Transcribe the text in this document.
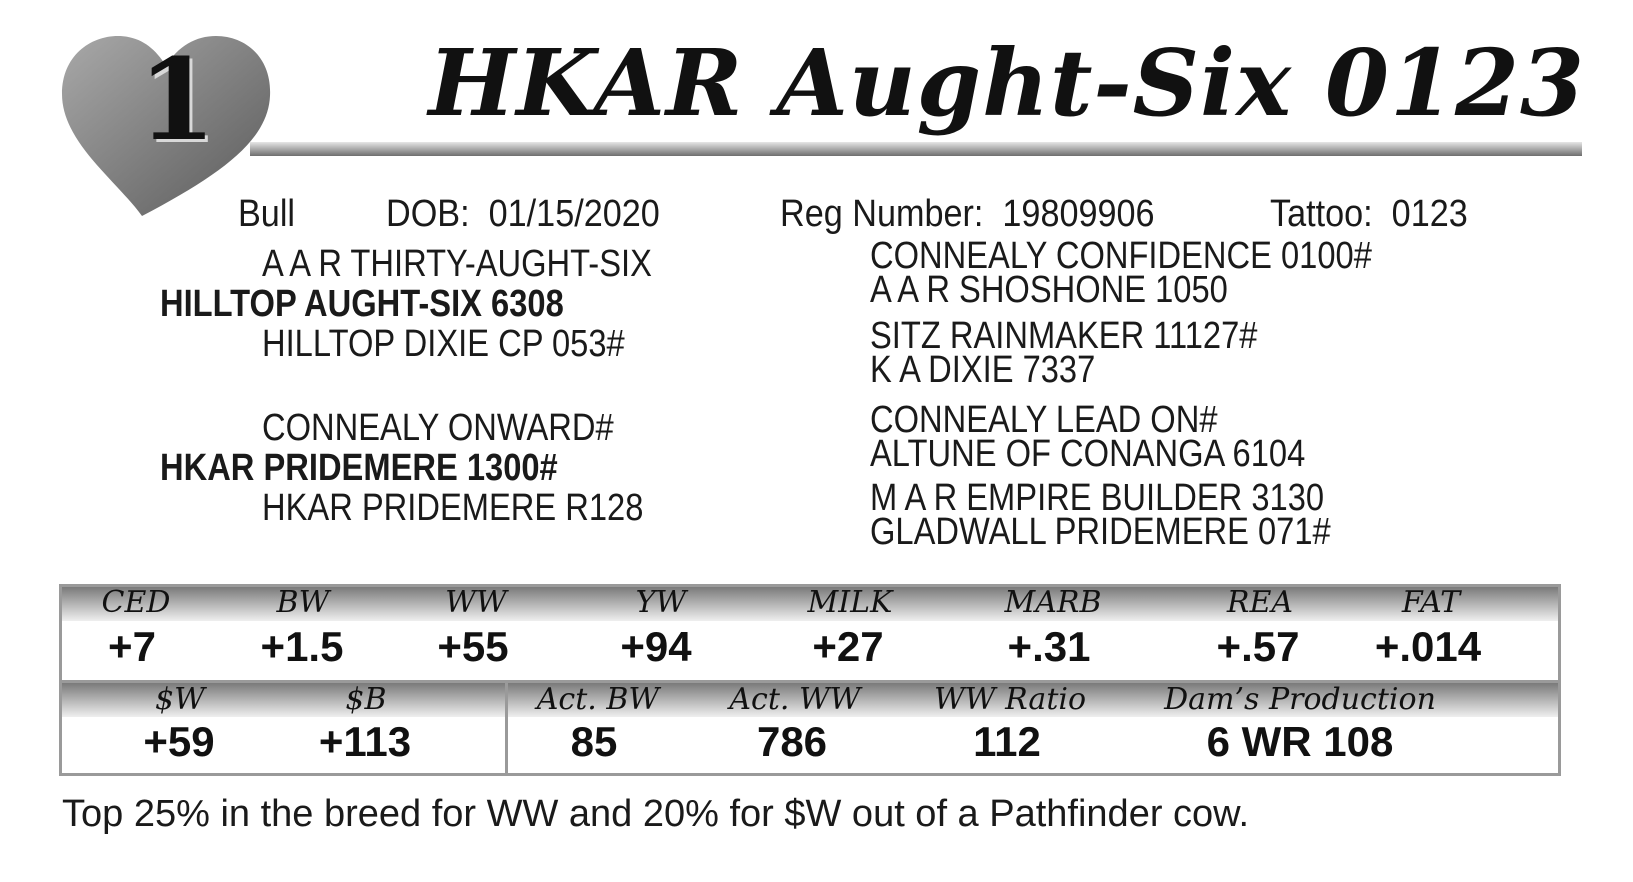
1 HKAR Aught-Six 0123
Bull DOB: 01/15/2020	Reg Number: 19809906	Tattoo: 0123
A A R THIRTY-AUGHT-SIX
HILLTOP AUGHT-SIX 6308
HILLTOP DIXIE CP 053#
CONNEALY ONWARD#
HKAR PRIDEMERE 1300#
HKAR PRIDEMERE R128
CONNEALY CONFIDENCE 0100#
A A R SHOSHONE 1050
SITZ RAINMAKER 11127#
K A DIXIE 7337
CONNEALY LEAD ON#
ALTUNE OF CONANGA 6104
M A R EMPIRE BUILDER 3130
GLADWALL PRIDEMERE 071#
CED
+7
BW
+1.5
WW
+55
YW
+94
MILK
+27
MARB
+.31
REA
+.57
FAT
+.014
$W
+59
$B
+113
Act. BW
85
Act. WW
786
WW Ratio
112
Dam’s Production
6 WR 108
Top 25% in the breed for WW and 20% for $W out of a Pathfinder cow.
